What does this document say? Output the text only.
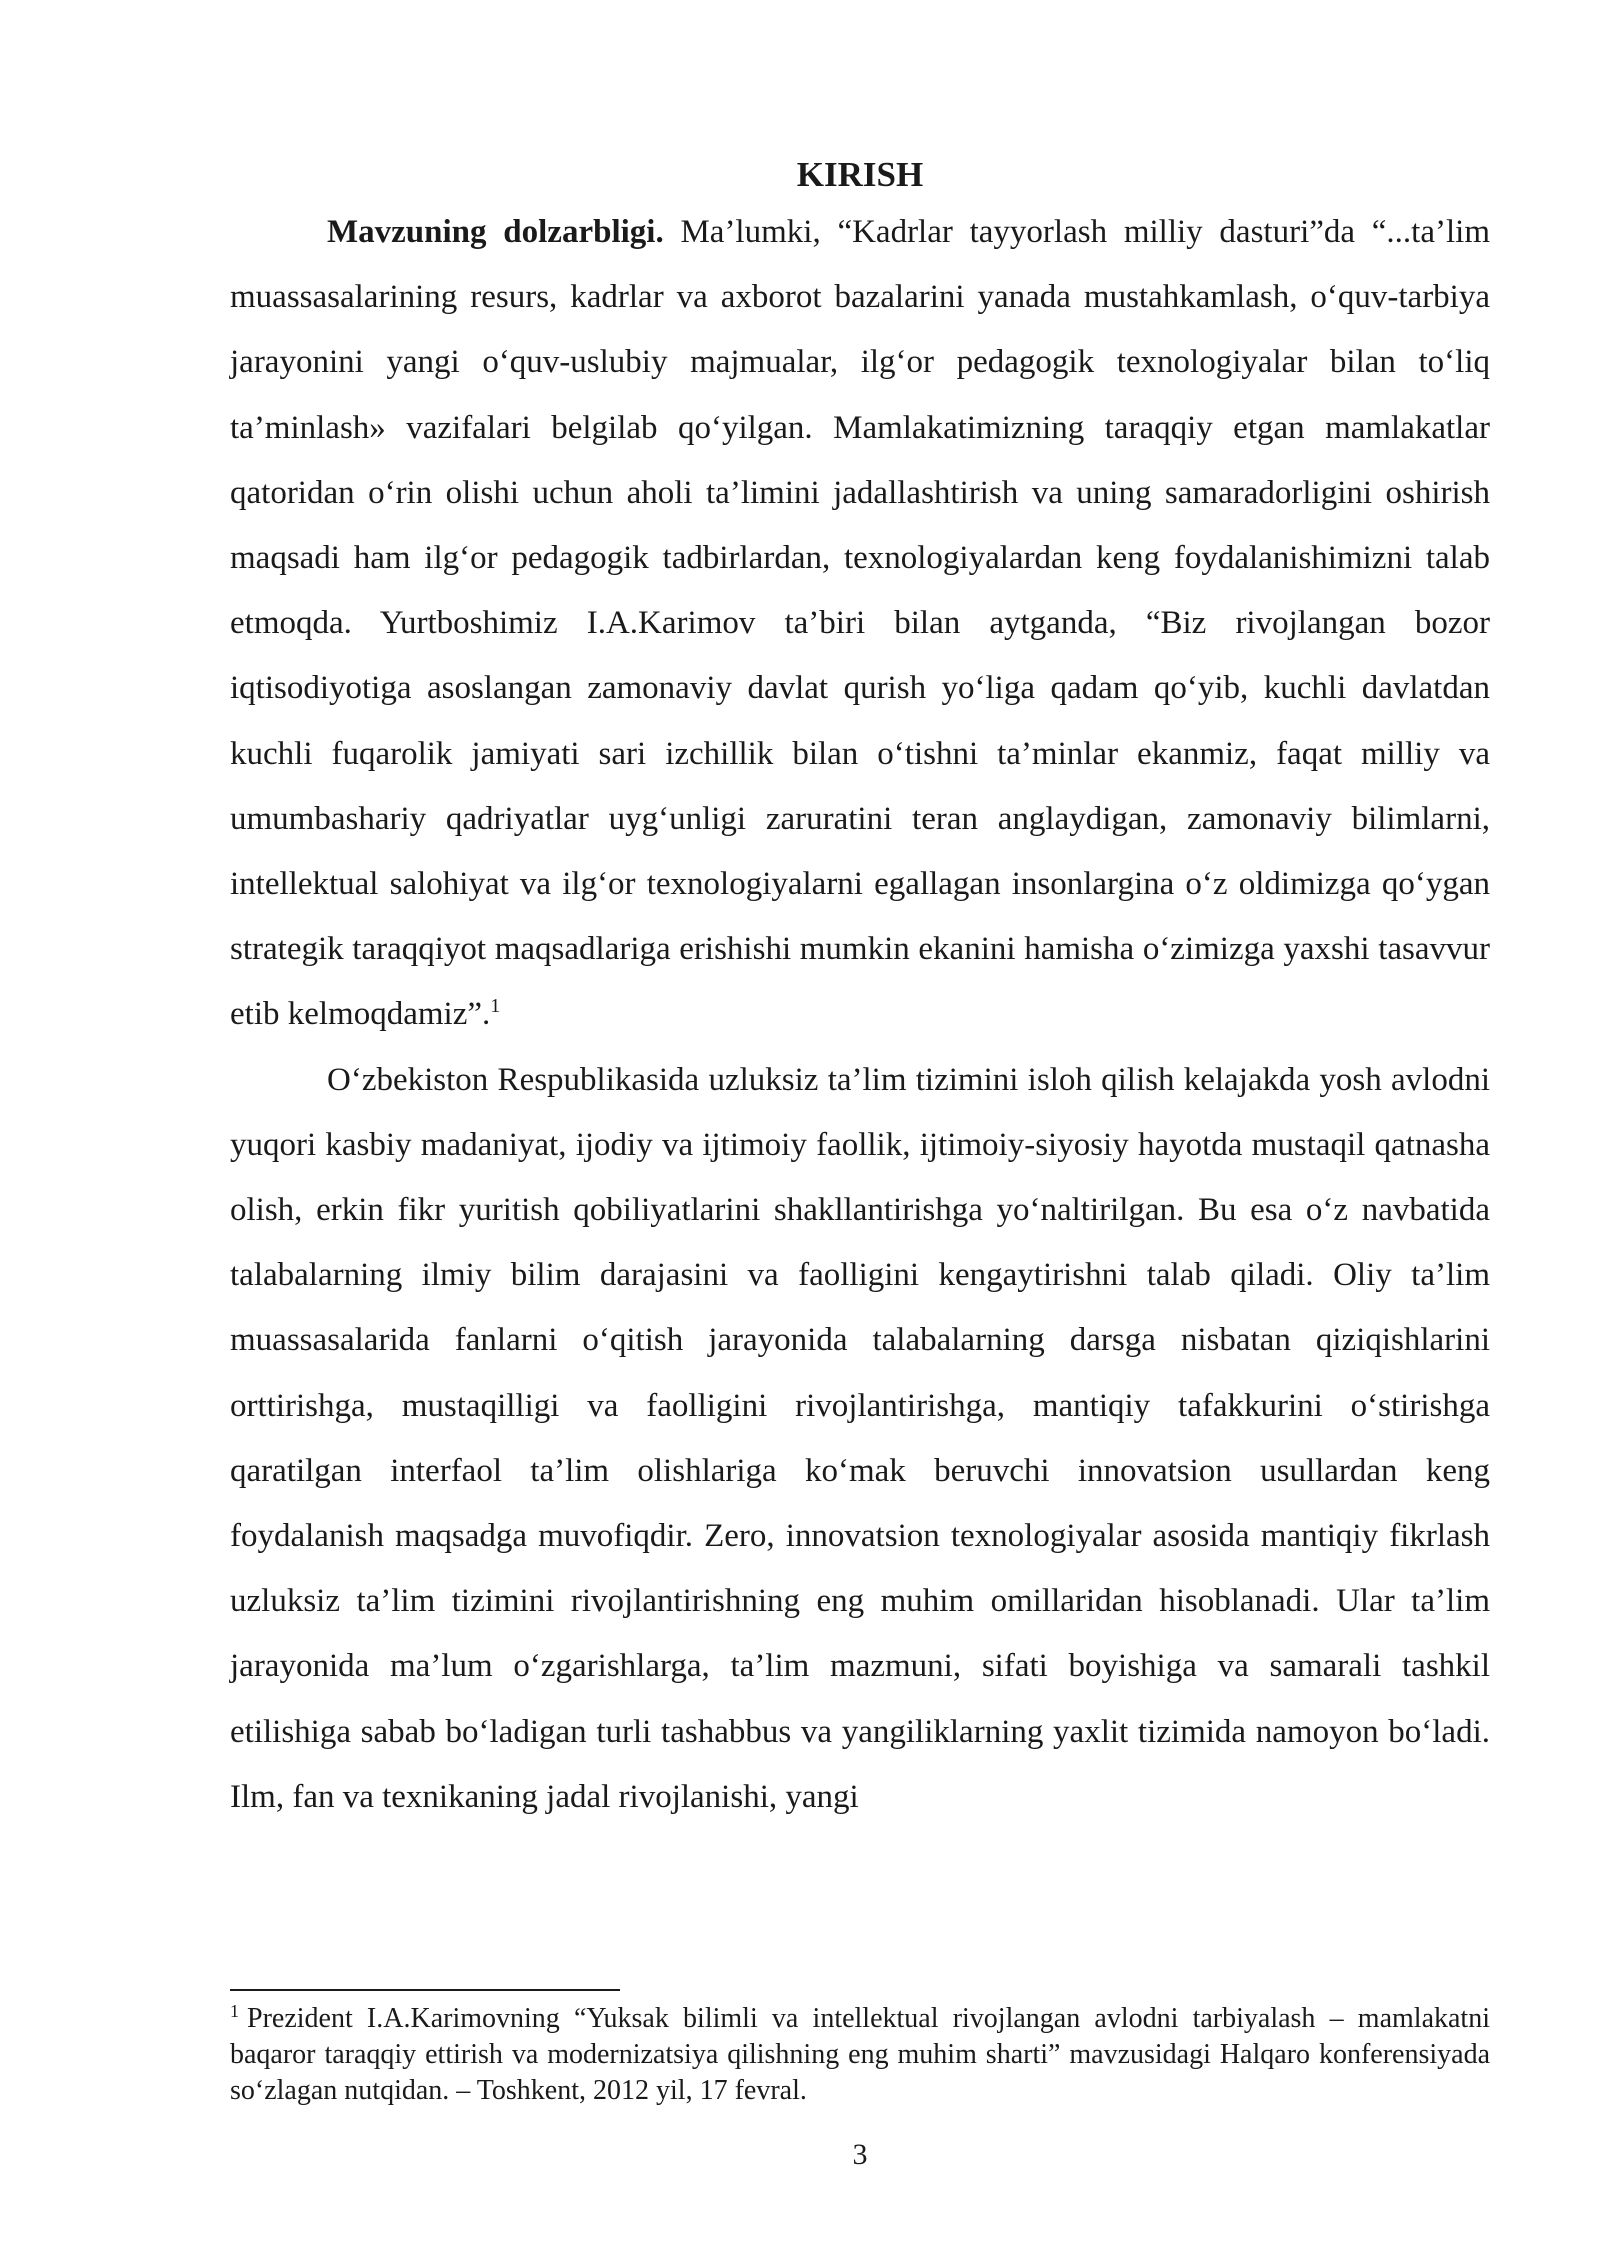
KIRISH

Mavzuning dolzarbligi. Ma’lumki, “Kadrlar tayyorlash milliy dasturi”da “...ta’lim muassasalarining resurs, kadrlar va axborot bazalarini yanada mustahkamlash, o‘quv-tarbiya jarayonini yangi o‘quv-uslubiy majmualar, ilg‘or pedagogik texnologiyalar bilan to‘liq ta’minlash» vazifalari belgilab qo‘yilgan. Mamlakatimizning taraqqiy etgan mamlakatlar qatoridan o‘rin olishi uchun aholi ta’limini jadallashtirish va uning samaradorligini oshirish maqsadi ham ilg‘or pedagogik tadbirlardan, texnologiyalardan keng foydalanishimizni talab etmoqda. Yurtboshimiz I.A.Karimov ta’biri bilan aytganda, “Biz rivojlangan bozor iqtisodiyotiga asoslangan zamonaviy davlat qurish yo‘liga qadam qo‘yib, kuchli davlatdan kuchli fuqarolik jamiyati sari izchillik bilan o‘tishni ta’minlar ekanmiz, faqat milliy va umumbashariy qadriyatlar uyg‘unligi zaruratini teran anglaydigan, zamonaviy bilimlarni, intellektual salohiyat va ilg‘or texnologiyalarni egallagan insonlargina o‘z oldimizga qo‘ygan strategik taraqqiyot maqsadlariga erishishi mumkin ekanini hamisha o‘zimizga yaxshi tasavvur etib kelmoqdamiz”.$^1$

O‘zbekiston Respublikasida uzluksiz ta’lim tizimini isloh qilish kelajakda yosh avlodni yuqori kasbiy madaniyat, ijodiy va ijtimoiy faollik, ijtimoiy-siyosiy hayotda mustaqil qatnasha olish, erkin fikr yuritish qobiliyatlarini shakllantirishga yo‘naltirilgan. Bu esa o‘z navbatida talabalarning ilmiy bilim darajasini va faolligini kengaytirishni talab qiladi. Oliy ta’lim muassasalarida fanlarni o‘qitish jarayonida talabalarning darsga nisbatan qiziqishlarini orttirishga, mustaqilligi va faolligini rivojlantirishga, mantiqiy tafakkurini o‘stirishga qaratilgan interfaol ta’lim olishlariga ko‘mak beruvchi innovatsion usullardan keng foydalanish maqsadga muvofiqdir. Zero, innovatsion texnologiyalar asosida mantiqiy fikrlash uzluksiz ta’lim tizimini rivojlantirishning eng muhim omillaridan hisoblanadi. Ular ta’lim jarayonida ma’lum o‘zgarishlarga, ta’lim mazmuni, sifati boyishiga va samarali tashkil etilishiga sabab bo‘ladigan turli tashabbus va yangiliklarning yaxlit tizimida namoyon bo‘ladi. Ilm, fan va texnikaning jadal rivojlanishi, yangi

$^1$ Prezident I.A.Karimovning “Yuksak bilimli va intellektual rivojlangan avlodni tarbiyalash – mamlakatni baqaror taraqqiy ettirish va modernizatsiya qilishning eng muhim sharti” mavzusidagi Halqaro konferensiyada so‘zlagan nutqidan. – Toshkent, 2012 yil, 17 fevral.

3
